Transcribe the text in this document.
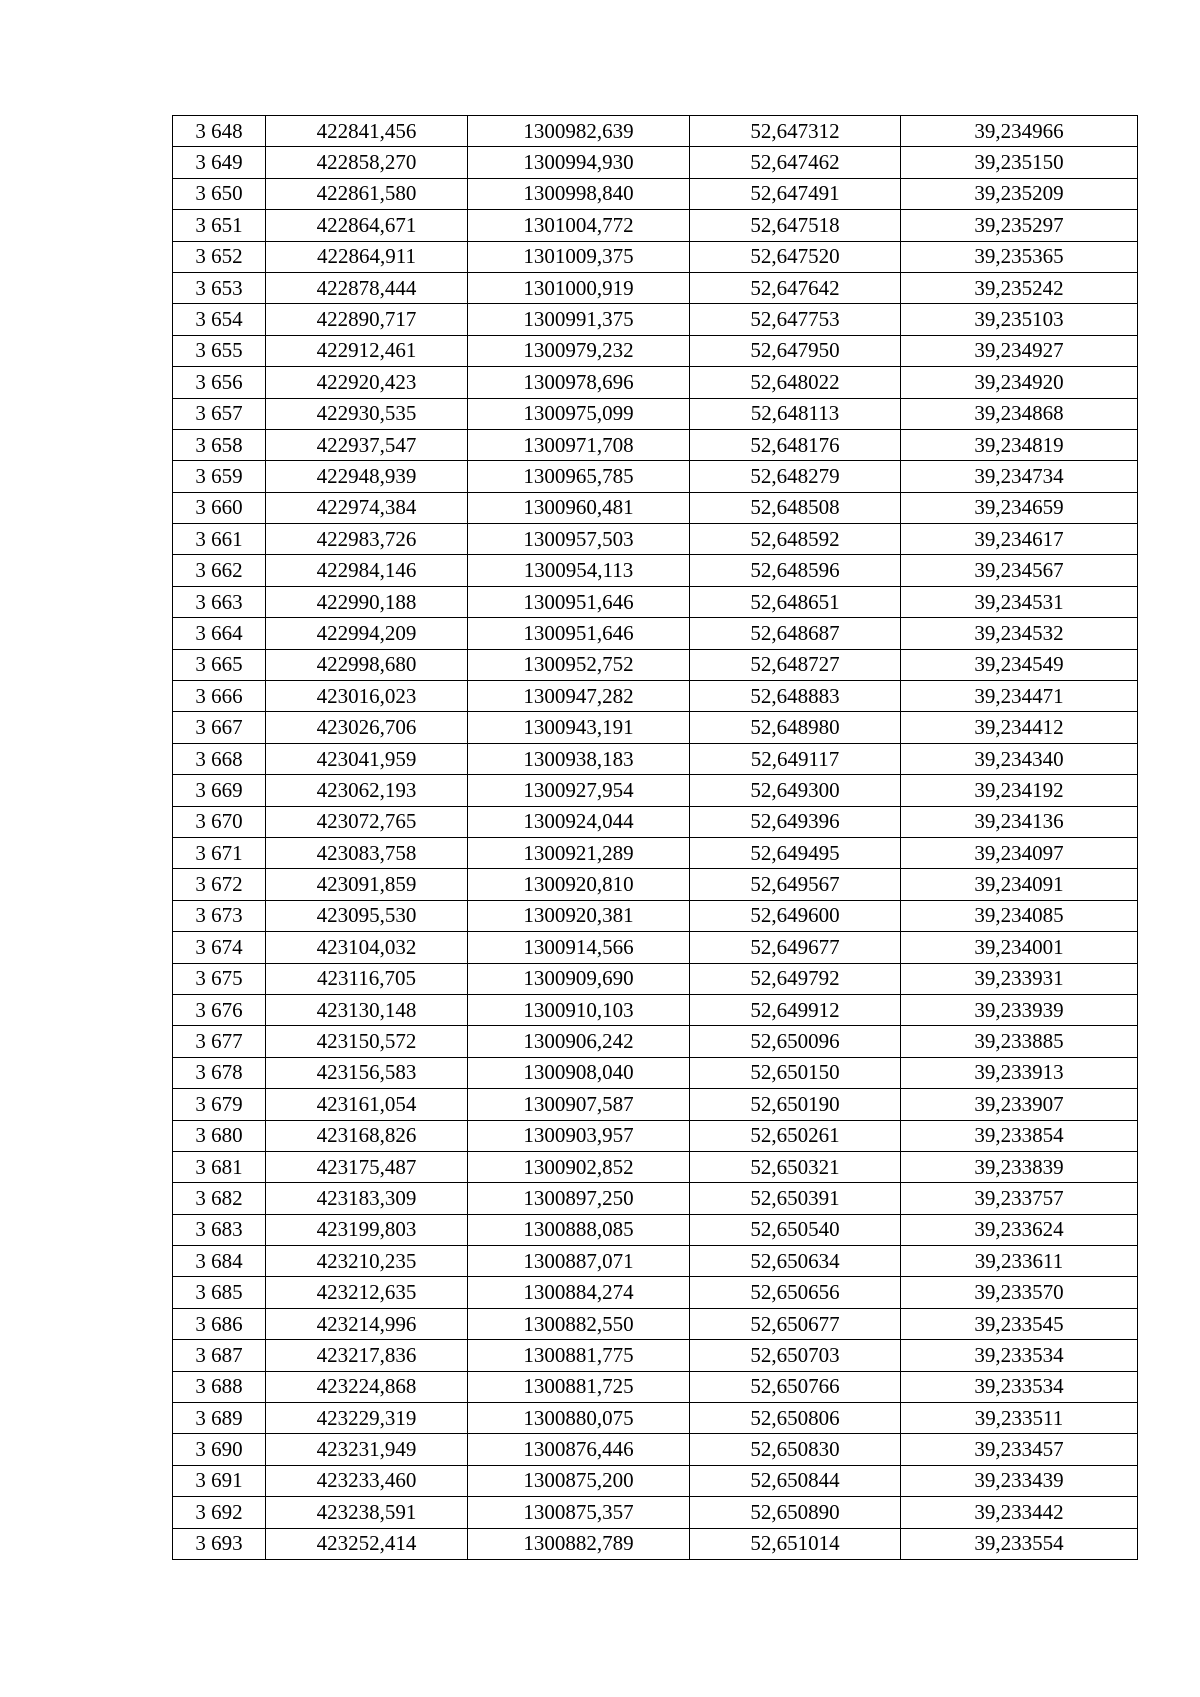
3 648	422841,456	1300982,639	52,647312	39,234966
3 649	422858,270	1300994,930	52,647462	39,235150
3 650	422861,580	1300998,840	52,647491	39,235209
3 651	422864,671	1301004,772	52,647518	39,235297
3 652	422864,911	1301009,375	52,647520	39,235365
3 653	422878,444	1301000,919	52,647642	39,235242
3 654	422890,717	1300991,375	52,647753	39,235103
3 655	422912,461	1300979,232	52,647950	39,234927
3 656	422920,423	1300978,696	52,648022	39,234920
3 657	422930,535	1300975,099	52,648113	39,234868
3 658	422937,547	1300971,708	52,648176	39,234819
3 659	422948,939	1300965,785	52,648279	39,234734
3 660	422974,384	1300960,481	52,648508	39,234659
3 661	422983,726	1300957,503	52,648592	39,234617
3 662	422984,146	1300954,113	52,648596	39,234567
3 663	422990,188	1300951,646	52,648651	39,234531
3 664	422994,209	1300951,646	52,648687	39,234532
3 665	422998,680	1300952,752	52,648727	39,234549
3 666	423016,023	1300947,282	52,648883	39,234471
3 667	423026,706	1300943,191	52,648980	39,234412
3 668	423041,959	1300938,183	52,649117	39,234340
3 669	423062,193	1300927,954	52,649300	39,234192
3 670	423072,765	1300924,044	52,649396	39,234136
3 671	423083,758	1300921,289	52,649495	39,234097
3 672	423091,859	1300920,810	52,649567	39,234091
3 673	423095,530	1300920,381	52,649600	39,234085
3 674	423104,032	1300914,566	52,649677	39,234001
3 675	423116,705	1300909,690	52,649792	39,233931
3 676	423130,148	1300910,103	52,649912	39,233939
3 677	423150,572	1300906,242	52,650096	39,233885
3 678	423156,583	1300908,040	52,650150	39,233913
3 679	423161,054	1300907,587	52,650190	39,233907
3 680	423168,826	1300903,957	52,650261	39,233854
3 681	423175,487	1300902,852	52,650321	39,233839
3 682	423183,309	1300897,250	52,650391	39,233757
3 683	423199,803	1300888,085	52,650540	39,233624
3 684	423210,235	1300887,071	52,650634	39,233611
3 685	423212,635	1300884,274	52,650656	39,233570
3 686	423214,996	1300882,550	52,650677	39,233545
3 687	423217,836	1300881,775	52,650703	39,233534
3 688	423224,868	1300881,725	52,650766	39,233534
3 689	423229,319	1300880,075	52,650806	39,233511
3 690	423231,949	1300876,446	52,650830	39,233457
3 691	423233,460	1300875,200	52,650844	39,233439
3 692	423238,591	1300875,357	52,650890	39,233442
3 693	423252,414	1300882,789	52,651014	39,233554
